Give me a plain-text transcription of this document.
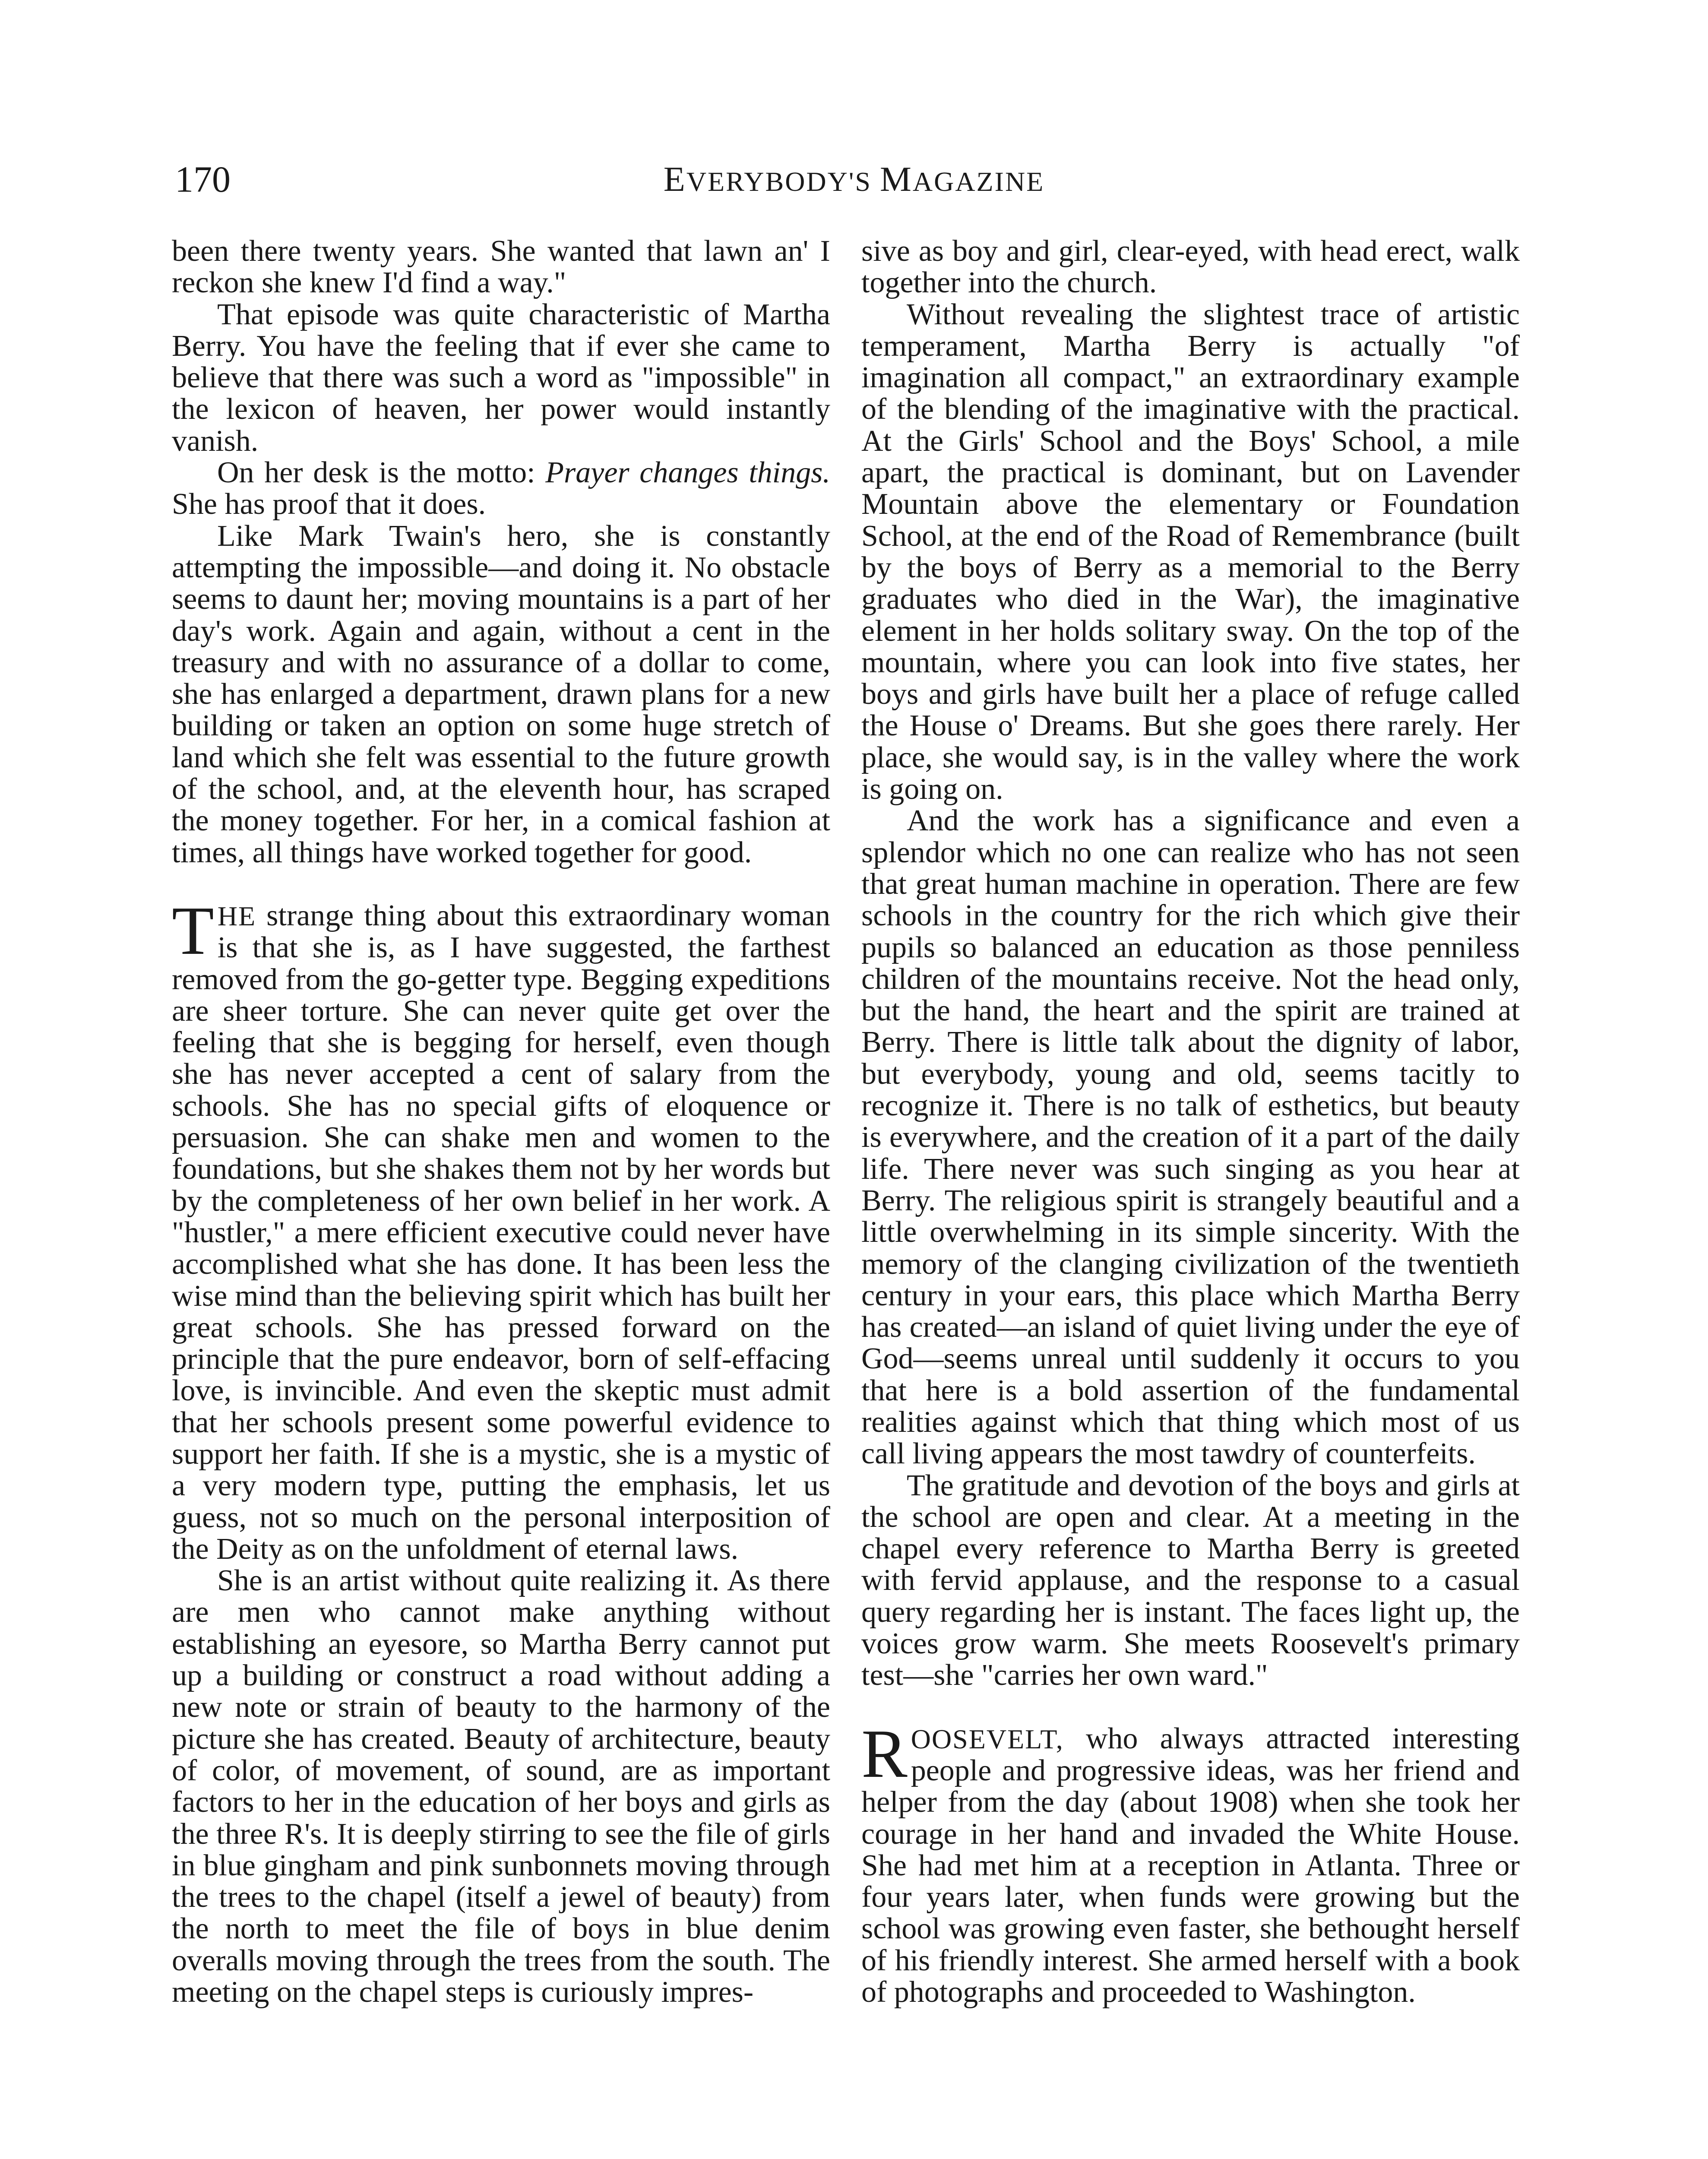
170	EVERYBODY'S MAGAZINE

been there twenty years. She wanted that lawn an' I reckon she knew I'd find a way."

That episode was quite characteristic of Martha Berry. You have the feeling that if ever she came to believe that there was such a word as "impossible" in the lexicon of heaven, her power would instantly vanish.

On her desk is the motto: Prayer changes things. She has proof that it does.

Like Mark Twain's hero, she is constantly attempting the impossible—and doing it. No obstacle seems to daunt her; moving mountains is a part of her day's work. Again and again, without a cent in the treasury and with no assurance of a dollar to come, she has enlarged a department, drawn plans for a new building or taken an option on some huge stretch of land which she felt was essential to the future growth of the school, and, at the eleventh hour, has scraped the money together. For her, in a comical fashion at times, all things have worked together for good.

THE strange thing about this extraordinary woman is that she is, as I have suggested, the farthest removed from the go-getter type. Begging expeditions are sheer torture. She can never quite get over the feeling that she is begging for herself, even though she has never accepted a cent of salary from the schools. She has no special gifts of eloquence or persuasion. She can shake men and women to the foundations, but she shakes them not by her words but by the completeness of her own belief in her work. A "hustler," a mere efficient executive could never have accomplished what she has done. It has been less the wise mind than the believing spirit which has built her great schools. She has pressed forward on the principle that the pure endeavor, born of self-effacing love, is invincible. And even the skeptic must admit that her schools present some powerful evidence to support her faith. If she is a mystic, she is a mystic of a very modern type, putting the emphasis, let us guess, not so much on the personal interposition of the Deity as on the unfoldment of eternal laws.

She is an artist without quite realizing it. As there are men who cannot make anything without establishing an eyesore, so Martha Berry cannot put up a building or construct a road without adding a new note or strain of beauty to the harmony of the picture she has created. Beauty of architecture, beauty of color, of movement, of sound, are as important factors to her in the education of her boys and girls as the three R's. It is deeply stirring to see the file of girls in blue gingham and pink sunbonnets moving through the trees to the chapel (itself a jewel of beauty) from the north to meet the file of boys in blue denim overalls moving through the trees from the south. The meeting on the chapel steps is curiously impres-

sive as boy and girl, clear-eyed, with head erect, walk together into the church.

Without revealing the slightest trace of artistic temperament, Martha Berry is actually "of imagination all compact," an extraordinary example of the blending of the imaginative with the practical. At the Girls' School and the Boys' School, a mile apart, the practical is dominant, but on Lavender Mountain above the elementary or Foundation School, at the end of the Road of Remembrance (built by the boys of Berry as a memorial to the Berry graduates who died in the War), the imaginative element in her holds solitary sway. On the top of the mountain, where you can look into five states, her boys and girls have built her a place of refuge called the House o' Dreams. But she goes there rarely. Her place, she would say, is in the valley where the work is going on.

And the work has a significance and even a splendor which no one can realize who has not seen that great human machine in operation. There are few schools in the country for the rich which give their pupils so balanced an education as those penniless children of the mountains receive. Not the head only, but the hand, the heart and the spirit are trained at Berry. There is little talk about the dignity of labor, but everybody, young and old, seems tacitly to recognize it. There is no talk of esthetics, but beauty is everywhere, and the creation of it a part of the daily life. There never was such singing as you hear at Berry. The religious spirit is strangely beautiful and a little overwhelming in its simple sincerity. With the memory of the clanging civilization of the twentieth century in your ears, this place which Martha Berry has created—an island of quiet living under the eye of God—seems unreal until suddenly it occurs to you that here is a bold assertion of the fundamental realities against which that thing which most of us call living appears the most tawdry of counterfeits.

The gratitude and devotion of the boys and girls at the school are open and clear. At a meeting in the chapel every reference to Martha Berry is greeted with fervid applause, and the response to a casual query regarding her is instant. The faces light up, the voices grow warm. She meets Roosevelt's primary test—she "carries her own ward."

ROOSEVELT, who always attracted interesting people and progressive ideas, was her friend and helper from the day (about 1908) when she took her courage in her hand and invaded the White House. She had met him at a reception in Atlanta. Three or four years later, when funds were growing but the school was growing even faster, she bethought herself of his friendly interest. She armed herself with a book of photographs and proceeded to Washington.
